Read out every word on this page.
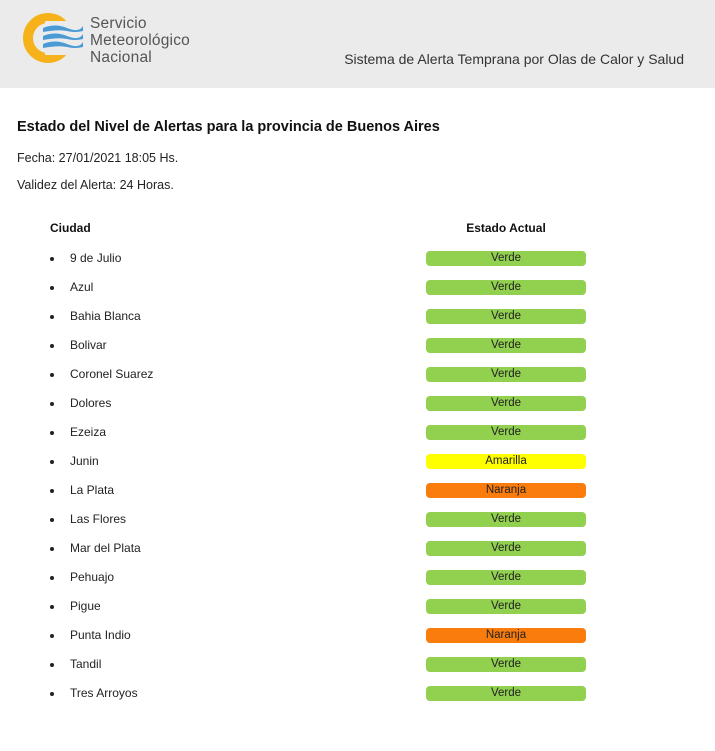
Servicio
Meteorológico
Nacional	Sistema de Alerta Temprana por Olas de Calor y Salud
Estado del Nivel de Alertas para la provincia de Buenos Aires
Fecha: 27/01/2021 18:05 Hs.
Validez del Alerta: 24 Horas.
Ciudad	Estado Actual
9 de Julio	Verde
Azul	Verde
Bahia Blanca	Verde
Bolivar	Verde
Coronel Suarez	Verde
Dolores	Verde
Ezeiza	Verde
Junin	Amarilla
La Plata	Naranja
Las Flores	Verde
Mar del Plata	Verde
Pehuajo	Verde
Pigue	Verde
Punta Indio	Naranja
Tandil	Verde
Tres Arroyos	Verde
